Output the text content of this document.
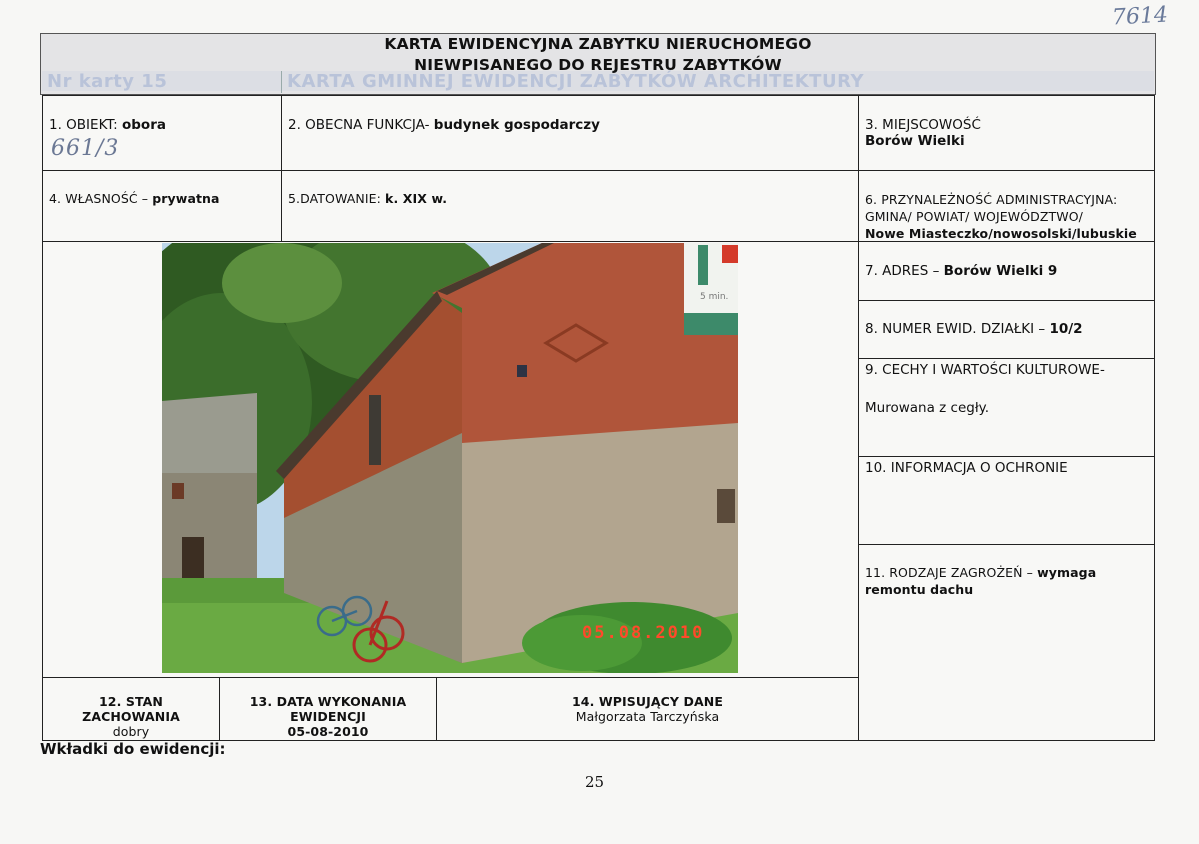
7614
Nr karty 15	KARTA GMINNEJ EWIDENCJI ZABYTKÓW ARCHITEKTURY
KARTA EWIDENCYJNA ZABYTKU NIERUCHOMEGO
NIEWPISANEGO DO REJESTRU ZABYTKÓW
1. OBIEKT: obora
661/3
2. OBECNA FUNKCJA- budynek gospodarczy	3. MIEJSCOWOŚĆ
Borów Wielki
4. WŁASNOŚĆ – prywatna	5.DATOWANIE: k. XIX w.	6. PRZYNALEŻNOŚĆ ADMINISTRACYJNA:
GMINA/ POWIAT/ WOJEWÓDZTWO/
Nowe Miasteczko/nowosolski/lubuskie
5 min.
05.08.2010
7. ADRES – Borów Wielki 9
8. NUMER EWID. DZIAŁKI – 10/2
9. CECHY I WARTOŚCI KULTUROWE-
Murowana z cegły.
10. INFORMACJA O OCHRONIE
11. RODZAJE ZAGROŻEŃ – wymaga remontu dachu
12. STAN ZACHOWANIA
dobry
13. DATA WYKONANIA EWIDENCJI
05-08-2010
14. WPISUJĄCY DANE
Małgorzata Tarczyńska
Wkładki do ewidencji:
25
